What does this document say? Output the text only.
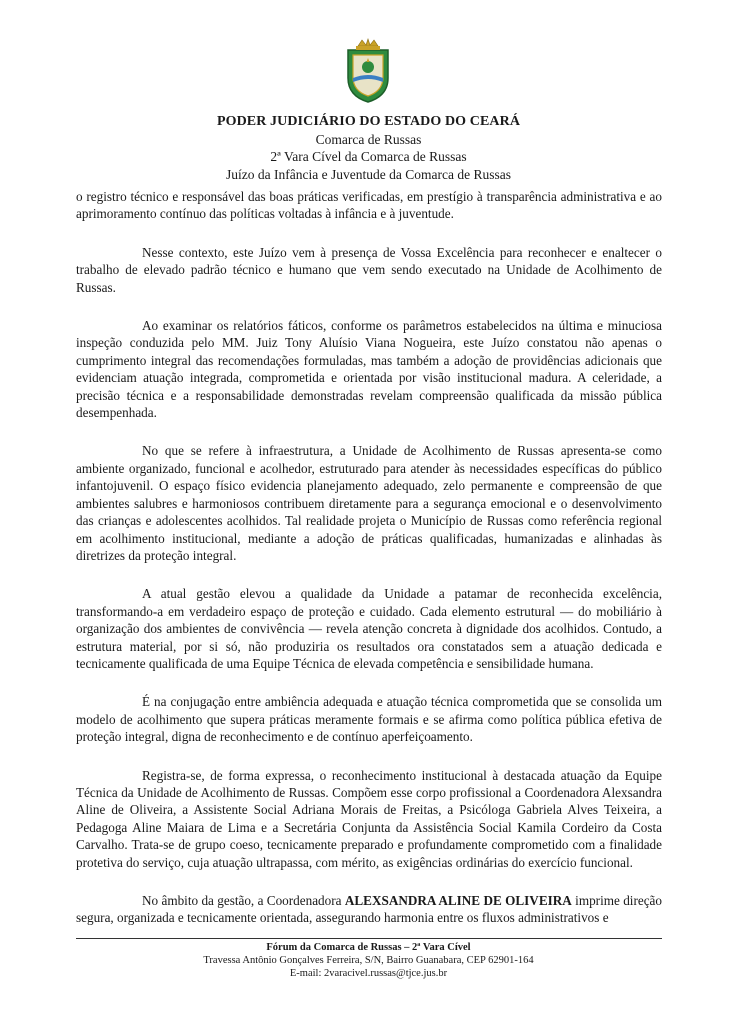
PODER JUDICIÁRIO DO ESTADO DO CEARÁ
Comarca de Russas
2ª Vara Cível da Comarca de Russas
Juízo da Infância e Juventude da Comarca de Russas

o registro técnico e responsável das boas práticas verificadas, em prestígio à transparência administrativa e ao aprimoramento contínuo das políticas voltadas à infância e à juventude.

Nesse contexto, este Juízo vem à presença de Vossa Excelência para reconhecer e enaltecer o trabalho de elevado padrão técnico e humano que vem sendo executado na Unidade de Acolhimento de Russas.

Ao examinar os relatórios fáticos, conforme os parâmetros estabelecidos na última e minuciosa inspeção conduzida pelo MM. Juiz Tony Aluísio Viana Nogueira, este Juízo constatou não apenas o cumprimento integral das recomendações formuladas, mas também a adoção de providências adicionais que evidenciam atuação integrada, comprometida e orientada por visão institucional madura. A celeridade, a precisão técnica e a responsabilidade demonstradas revelam compreensão qualificada da missão pública desempenhada.

No que se refere à infraestrutura, a Unidade de Acolhimento de Russas apresenta-se como ambiente organizado, funcional e acolhedor, estruturado para atender às necessidades específicas do público infantojuvenil. O espaço físico evidencia planejamento adequado, zelo permanente e compreensão de que ambientes salubres e harmoniosos contribuem diretamente para a segurança emocional e o desenvolvimento das crianças e adolescentes acolhidos. Tal realidade projeta o Município de Russas como referência regional em acolhimento institucional, mediante a adoção de práticas qualificadas, humanizadas e alinhadas às diretrizes da proteção integral.

A atual gestão elevou a qualidade da Unidade a patamar de reconhecida excelência, transformando-a em verdadeiro espaço de proteção e cuidado. Cada elemento estrutural — do mobiliário à organização dos ambientes de convivência — revela atenção concreta à dignidade dos acolhidos. Contudo, a estrutura material, por si só, não produziria os resultados ora constatados sem a atuação dedicada e tecnicamente qualificada de uma Equipe Técnica de elevada competência e sensibilidade humana.

É na conjugação entre ambiência adequada e atuação técnica comprometida que se consolida um modelo de acolhimento que supera práticas meramente formais e se afirma como política pública efetiva de proteção integral, digna de reconhecimento e de contínuo aperfeiçoamento.

Registra-se, de forma expressa, o reconhecimento institucional à destacada atuação da Equipe Técnica da Unidade de Acolhimento de Russas. Compõem esse corpo profissional a Coordenadora Alexsandra Aline de Oliveira, a Assistente Social Adriana Morais de Freitas, a Psicóloga Gabriela Alves Teixeira, a Pedagoga Aline Maiara de Lima e a Secretária Conjunta da Assistência Social Kamila Cordeiro da Costa Carvalho. Trata-se de grupo coeso, tecnicamente preparado e profundamente comprometido com a finalidade protetiva do serviço, cuja atuação ultrapassa, com mérito, as exigências ordinárias do exercício funcional.

No âmbito da gestão, a Coordenadora ALEXSANDRA ALINE DE OLIVEIRA imprime direção segura, organizada e tecnicamente orientada, assegurando harmonia entre os fluxos administrativos e

Fórum da Comarca de Russas – 2ª Vara Cível
Travessa Antônio Gonçalves Ferreira, S/N, Bairro Guanabara, CEP 62901-164
E-mail: 2varacivel.russas@tjce.jus.br
